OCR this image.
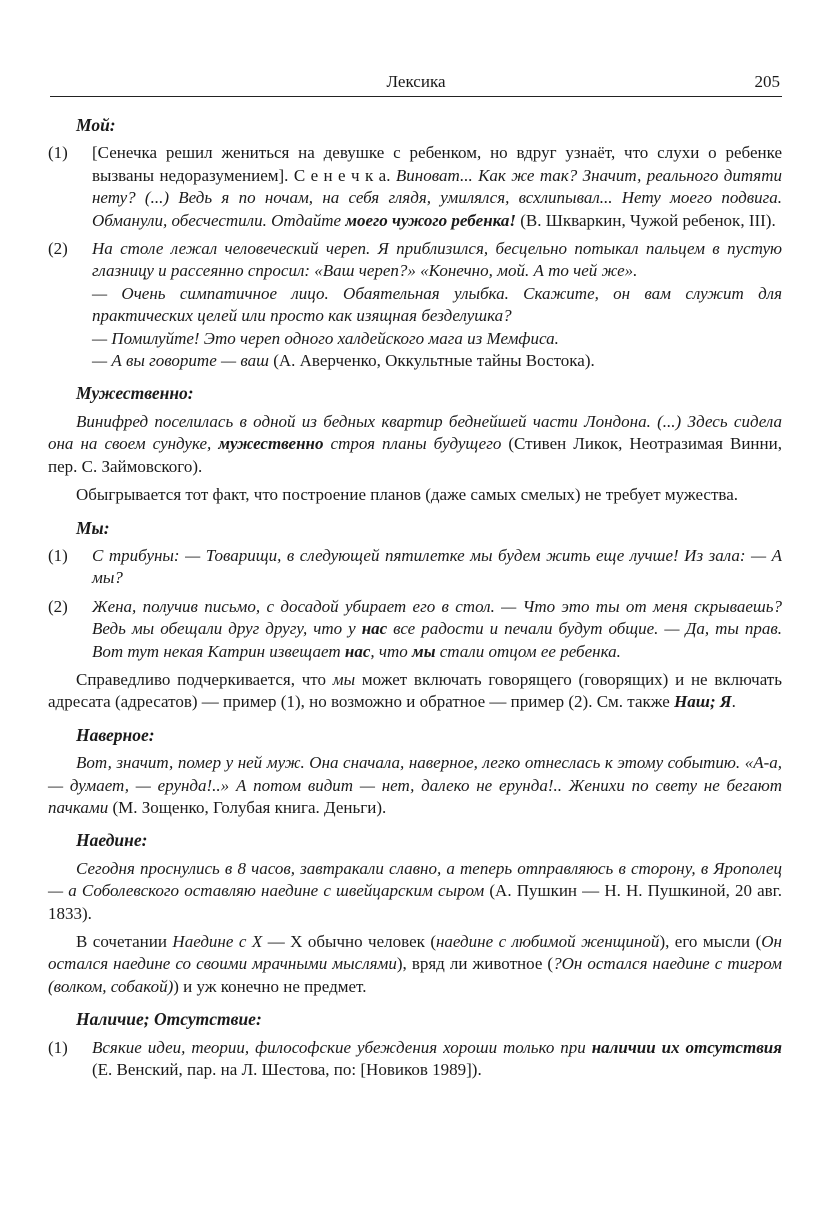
Лексика	205

Мой:

(1) [Сенечка решил жениться на девушке с ребенком, но вдруг узнаёт, что слухи о ребенке вызваны недоразумением]. С е н е ч к а. Виноват... Как же так? Значит, реального дитяти нету? (...) Ведь я по ночам, на себя глядя, умилялся, всхлипывал... Нету моего подвига. Обманули, обесчестили. Отдайте моего чужого ребенка! (В. Шкваркин, Чужой ребенок, III).

(2) На столе лежал человеческий череп. Я приблизился, бесцельно потыкал пальцем в пустую глазницу и рассеянно спросил: «Ваш череп?» «Конечно, мой. А то чей же».

— Очень симпатичное лицо. Обаятельная улыбка. Скажите, он вам служит для практических целей или просто как изящная безделушка?

— Помилуйте! Это череп одного халдейского мага из Мемфиса.

— А вы говорите — ваш (А. Аверченко, Оккультные тайны Востока).

Мужественно:

Винифред поселилась в одной из бедных квартир беднейшей части Лондона. (...) Здесь сидела она на своем сундуке, мужественно строя планы будущего (Стивен Ликок, Неотразимая Винни, пер. С. Займовского).

Обыгрывается тот факт, что построение планов (даже самых смелых) не требует мужества.

Мы:

(1) С трибуны: — Товарищи, в следующей пятилетке мы будем жить еще лучше! Из зала: — А мы?

(2) Жена, получив письмо, с досадой убирает его в стол. — Что это ты от меня скрываешь? Ведь мы обещали друг другу, что у нас все радости и печали будут общие. — Да, ты прав. Вот тут некая Катрин извещает нас, что мы стали отцом ее ребенка.

Справедливо подчеркивается, что мы может включать говорящего (говорящих) и не включать адресата (адресатов) — пример (1), но возможно и обратное — пример (2). См. также Наш; Я.

Наверное:

Вот, значит, помер у ней муж. Она сначала, наверное, легко отнеслась к этому событию. «А-а, — думает, — ерунда!..» А потом видит — нет, далеко не ерунда!.. Женихи по свету не бегают пачками (М. Зощенко, Голубая книга. Деньги).

Наедине:

Сегодня проснулись в 8 часов, завтракали славно, а теперь отправляюсь в сторону, в Ярополец — а Соболевского оставляю наедине с швейцарским сыром (А. Пушкин — Н. Н. Пушкиной, 20 авг. 1833).

В сочетании Наедине с X — X обычно человек (наедине с любимой женщиной), его мысли (Он остался наедине со своими мрачными мыслями), вряд ли животное (?Он остался наедине с тигром (волком, собакой)) и уж конечно не предмет.

Наличие; Отсутствие:

(1) Всякие идеи, теории, философские убеждения хороши только при наличии их отсутствия (Е. Венский, пар. на Л. Шестова, по: [Новиков 1989]).
